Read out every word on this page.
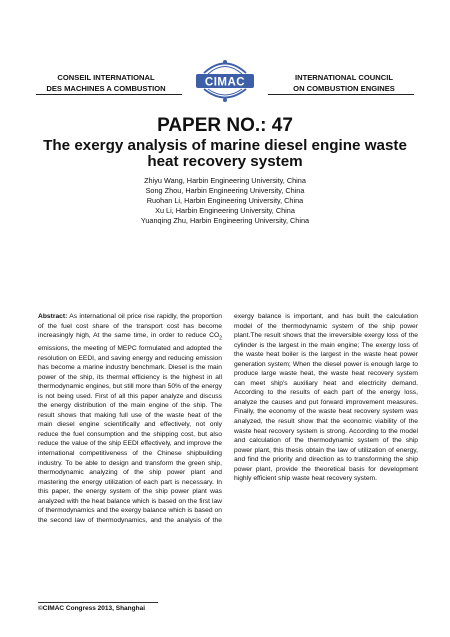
CONSEIL INTERNATIONAL
DES MACHINES A COMBUSTION	CIMAC	INTERNATIONAL COUNCIL
ON COMBUSTION ENGINES
PAPER NO.: 47
The exergy analysis of marine diesel engine waste heat recovery system
Zhiyu Wang, Harbin Engineering University, China
Song Zhou, Harbin Engineering University, China
Ruohan Li, Harbin Engineering University, China
Xu Li, Harbin Engineering University, China
Yuanqing Zhu, Harbin Engineering University, China
Abstract: As international oil price rise rapidly, the proportion of the fuel cost share of the transport cost has become increasingly high, At the same time, in order to reduce $CO_2$ emissions, the meeting of MEPC formulated and adopted the resolution on EEDI, and saving energy and reducing emission has become a marine industry benchmark. Diesel is the main power of the ship, its thermal efficiency is the highest in all thermodynamic engines, but still more than 50% of the energy is not being used. First of all this paper analyze and discuss the energy distribution of the main engine of the ship. The result shows that making full use of the waste heat of the main diesel engine scientifically and effectively, not only reduce the fuel consumption and the shipping cost, but also reduce the value of the ship EEDI effectively, and improve the international competitiveness of the Chinese shipbuilding industry. To be able to design and transform the green ship, thermodynamic analyzing of the ship power plant and mastering the energy utilization of each part is necessary. In this paper, the energy system of the ship power plant was analyzed with the heat balance which is based on the first law of thermodynamics and the exergy balance which is based on the second law of thermodynamics, and the analysis of the exergy balance is important, and has built the calculation model of the thermodynamic system of the ship power plant.The result shows that the irreversible exergy loss of the cylinder is the largest in the main engine; The exergy loss of the waste heat boiler is the largest in the waste heat power generation system; When the diesel power is enough large to produce large waste heat, the waste heat recovery system can meet ship's auxiliary heat and electricity demand. According to the results of each part of the energy loss, analyze the causes and put forward improvement measures. Finally, the economy of the waste heat recovery system was analyzed, the result show that the economic viability of the waste heat recovery system is strong. According to the model and calculation of the thermodynamic system of the ship power plant, this thesis obtain the law of utilization of energy, and find the priority and direction as to transforming the ship power plant, provide the theoretical basis for development highly efficient ship waste heat recovery system.
©CIMAC Congress 2013, Shanghai
